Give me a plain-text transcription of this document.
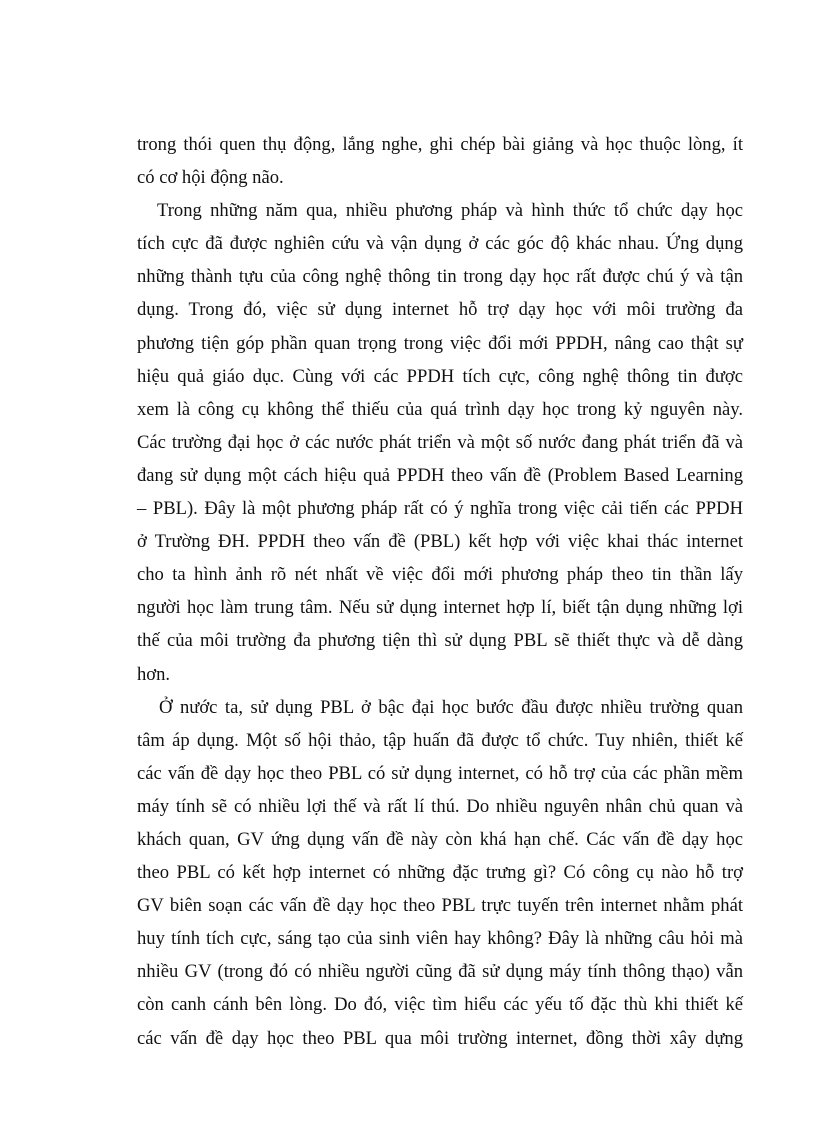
trong thói quen thụ động, lắng nghe, ghi chép bài giảng và học thuộc lòng, ít
có cơ hội động não.

Trong những năm qua, nhiều phương pháp và hình thức tổ chức dạy học
tích cực đã được nghiên cứu và vận dụng ở các góc độ khác nhau. Ứng dụng
những thành tựu của công nghệ thông tin trong dạy học rất được chú ý và tận
dụng. Trong đó, việc sử dụng internet hỗ trợ dạy học với môi trường đa
phương tiện góp phần quan trọng trong việc đổi mới PPDH, nâng cao thật sự
hiệu quả giáo dục. Cùng với các PPDH tích cực, công nghệ thông tin được
xem là công cụ không thể thiếu của quá trình dạy học trong kỷ nguyên này.
Các trường đại học ở các nước phát triển và một số nước đang phát triển đã và
đang sử dụng một cách hiệu quả PPDH theo vấn đề (Problem Based Learning
– PBL). Đây là một phương pháp rất có ý nghĩa trong việc cải tiến các PPDH
ở Trường ĐH. PPDH theo vấn đề (PBL) kết hợp với việc khai thác internet
cho ta hình ảnh rõ nét nhất về việc đổi mới phương pháp theo tin thần lấy
người học làm trung tâm. Nếu sử dụng internet hợp lí, biết tận dụng những lợi
thế của môi trường đa phương tiện thì sử dụng PBL sẽ thiết thực và dễ dàng
hơn.

Ở nước ta, sử dụng PBL ở bậc đại học bước đầu được nhiều trường quan
tâm áp dụng. Một số hội thảo, tập huấn đã được tổ chức. Tuy nhiên, thiết kế
các vấn đề dạy học theo PBL có sử dụng internet, có hỗ trợ của các phần mềm
máy tính sẽ có nhiều lợi thế và rất lí thú. Do nhiều nguyên nhân chủ quan và
khách quan, GV ứng dụng vấn đề này còn khá hạn chế. Các vấn đề dạy học
theo PBL có kết hợp internet có những đặc trưng gì? Có công cụ nào hỗ trợ
GV biên soạn các vấn đề dạy học theo PBL trực tuyến trên internet nhằm phát
huy tính tích cực, sáng tạo của sinh viên hay không? Đây là những câu hỏi mà
nhiều GV (trong đó có nhiều người cũng đã sử dụng máy tính thông thạo) vẫn
còn canh cánh bên lòng. Do đó, việc tìm hiểu các yếu tố đặc thù khi thiết kế
các vấn đề dạy học theo PBL qua môi trường internet, đồng thời xây dựng
